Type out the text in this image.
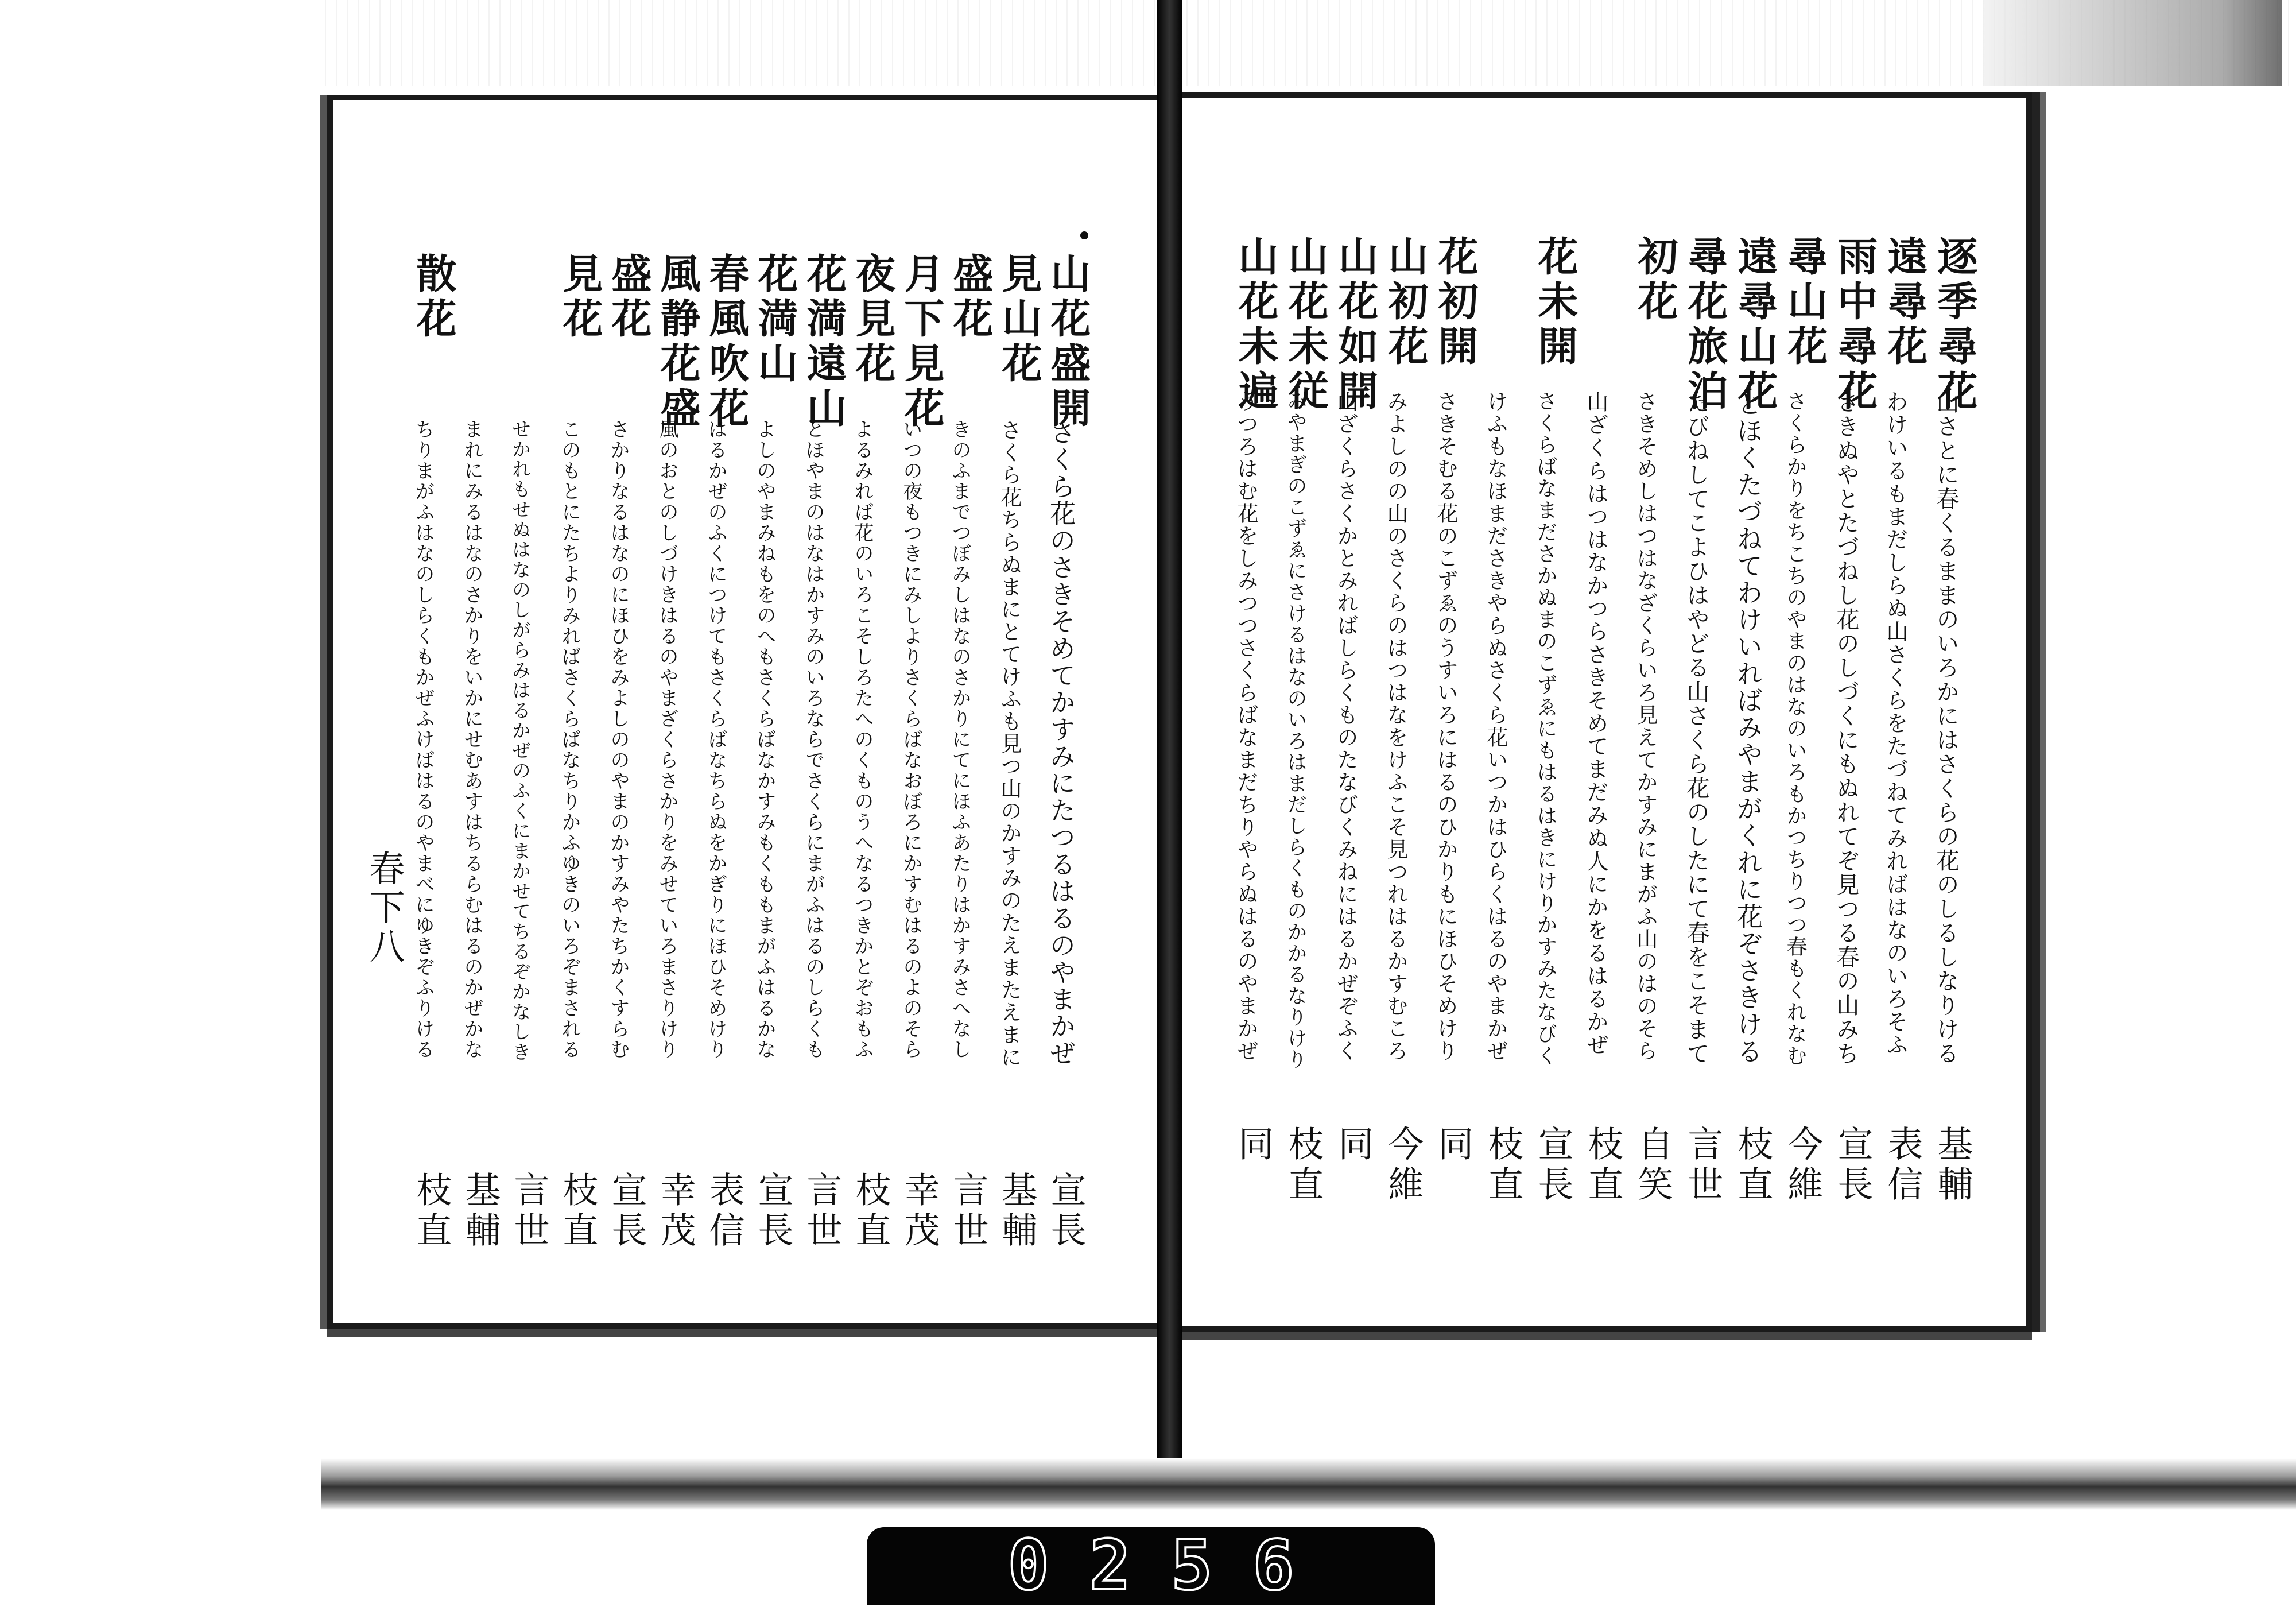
逐季尋花
山さとに春くるままのいろかにはさくらの花のしるしなりける
基輔
遠尋花
わけいるもまだしらぬ山さくらをたづねてみればはなのいろそふ
表信
雨中尋花
さきぬやとたづねし花のしづくにもぬれてぞ見つる春の山みち
宣長
尋山花
さくらかりをちこちのやまのはなのいろもかつちりつつ春もくれなむ
今維
遠尋山花
とほくたづねてわけいればみやまがくれに花ぞさきける
枝直
尋花旅泊
たびねしてこよひはやどる山さくら花のしたにて春をこそまて
言世
初花
さきそめしはつはなざくらいろ見えてかすみにまがふ山のはのそら
自笑
山ざくらはつはなかつらさきそめてまだみぬ人にかをるはるかぜ
枝直
花未開
さくらばなまださかぬまのこずゑにもはるはきにけりかすみたなびく
宣長
けふもなほまださきやらぬさくら花いつかはひらくはるのやまかぜ
枝直
花初開
さきそむる花のこずゑのうすいろにはるのひかりもにほひそめけり
同
山初花
みよしのの山のさくらのはつはなをけふこそ見つれはるかすむころ
今維
山花如開
山ざくらさくかとみればしらくものたなびくみねにはるかぜぞふく
同
山花未従
みやまぎのこずゑにさけるはなのいろはまだしらくものかかるなりけり
枝直
山花未遍
うつろはむ花をしみつつさくらばなまだちりやらぬはるのやまかぜ
同
山花盛開
さくら花のさきそめてかすみにたつるはるのやまかぜ
宣長
見山花
さくら花ちらぬまにとてけふも見つ山のかすみのたえまたえまに
基輔
盛花
きのふまでつぼみしはなのさかりにてにほふあたりはかすみさへなし
言世
月下見花
いつの夜もつきにみしよりさくらばなおぼろにかすむはるのよのそら
幸茂
夜見花
よるみれば花のいろこそしろたへのくものうへなるつきかとぞおもふ
枝直
花満遠山
とほやまのはなはかすみのいろならでさくらにまがふはるのしらくも
言世
花満山
よしのやまみねもをのへもさくらばなかすみもくももまがふはるかな
宣長
春風吹花
はるかぜのふくにつけてもさくらばなちらぬをかぎりにほひそめけり
表信
風静花盛
風のおとのしづけきはるのやまざくらさかりをみせていろまさりけり
幸茂
盛花
さかりなるはなのにほひをみよしののやまのかすみやたちかくすらむ
宣長
見花
このもとにたちよりみればさくらばなちりかふゆきのいろぞまされる
枝直
せかれもせぬはなのしがらみはるかぜのふくにまかせてちるぞかなしき
言世
まれにみるはなのさかりをいかにせむあすはちるらむはるのかぜかな
基輔
散花
ちりまがふはなのしらくもかぜふけばはるのやまべにゆきぞふりける
枝直
春下八
0256
